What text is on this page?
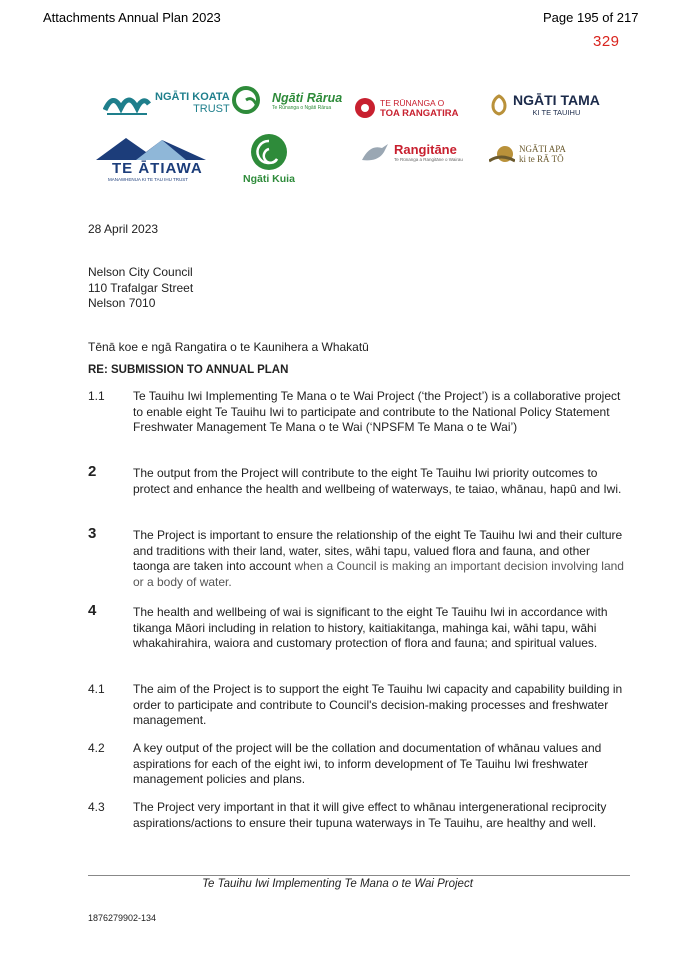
Attachments Annual Plan 2023	Page 195 of 217
329
NGĀTI KOATA
TRUST
Ngāti Rārua
Te Rūnanga o Ngāti Rārua
TE RŪNANGA O
TOA RANGATIRA
NGĀTI TAMA
KI TE TAUIHU
TE ĀTIAWA
MANAWHENUA KI TE TAU IHU TRUST	Ngāti Kuia
Rangitāne
Te Rūnanga a Rangitāne o Wairau
NGĀTI APA
ki te RĀ TŌ
28 April 2023
Nelson City Council
110 Trafalgar Street
Nelson 7010
Tēnā koe e ngā Rangatira o te Kaunihera a Whakatū
RE: SUBMISSION TO ANNUAL PLAN
1.1 Te Tauihu Iwi Implementing Te Mana o te Wai Project (‘the Project’) is a collaborative project to enable eight Te Tauihu Iwi to participate and contribute to the National Policy Statement Freshwater Management Te Mana o te Wai (‘NPSFM Te Mana o te Wai’)
2	The output from the Project will contribute to the eight Te Tauihu Iwi priority outcomes to protect and enhance the health and wellbeing of waterways, te taiao, whānau, hapū and Iwi.
3	The Project is important to ensure the relationship of the eight Te Tauihu Iwi and their culture and traditions with their land, water, sites, wāhi tapu, valued flora and fauna, and other taonga are taken into account when a Council is making an important decision involving land or a body of water.
4	The health and wellbeing of wai is significant to the eight Te Tauihu Iwi in accordance with tikanga Māori including in relation to history, kaitiakitanga, mahinga kai, wāhi tapu, wāhi whakahirahira, waiora and customary protection of flora and fauna; and spiritual values.
4.1 The aim of the Project is to support the eight Te Tauihu Iwi capacity and capability building in order to participate and contribute to Council's decision-making processes and freshwater management.
4.2 A key output of the project will be the collation and documentation of whānau values and aspirations for each of the eight iwi, to inform development of Te Tauihu Iwi freshwater management policies and plans.
4.3 The Project very important in that it will give effect to whānau intergenerational reciprocity aspirations/actions to ensure their tupuna waterways in Te Tauihu, are healthy and well.
Te Tauihu Iwi Implementing Te Mana o te Wai Project
1876279902-134
